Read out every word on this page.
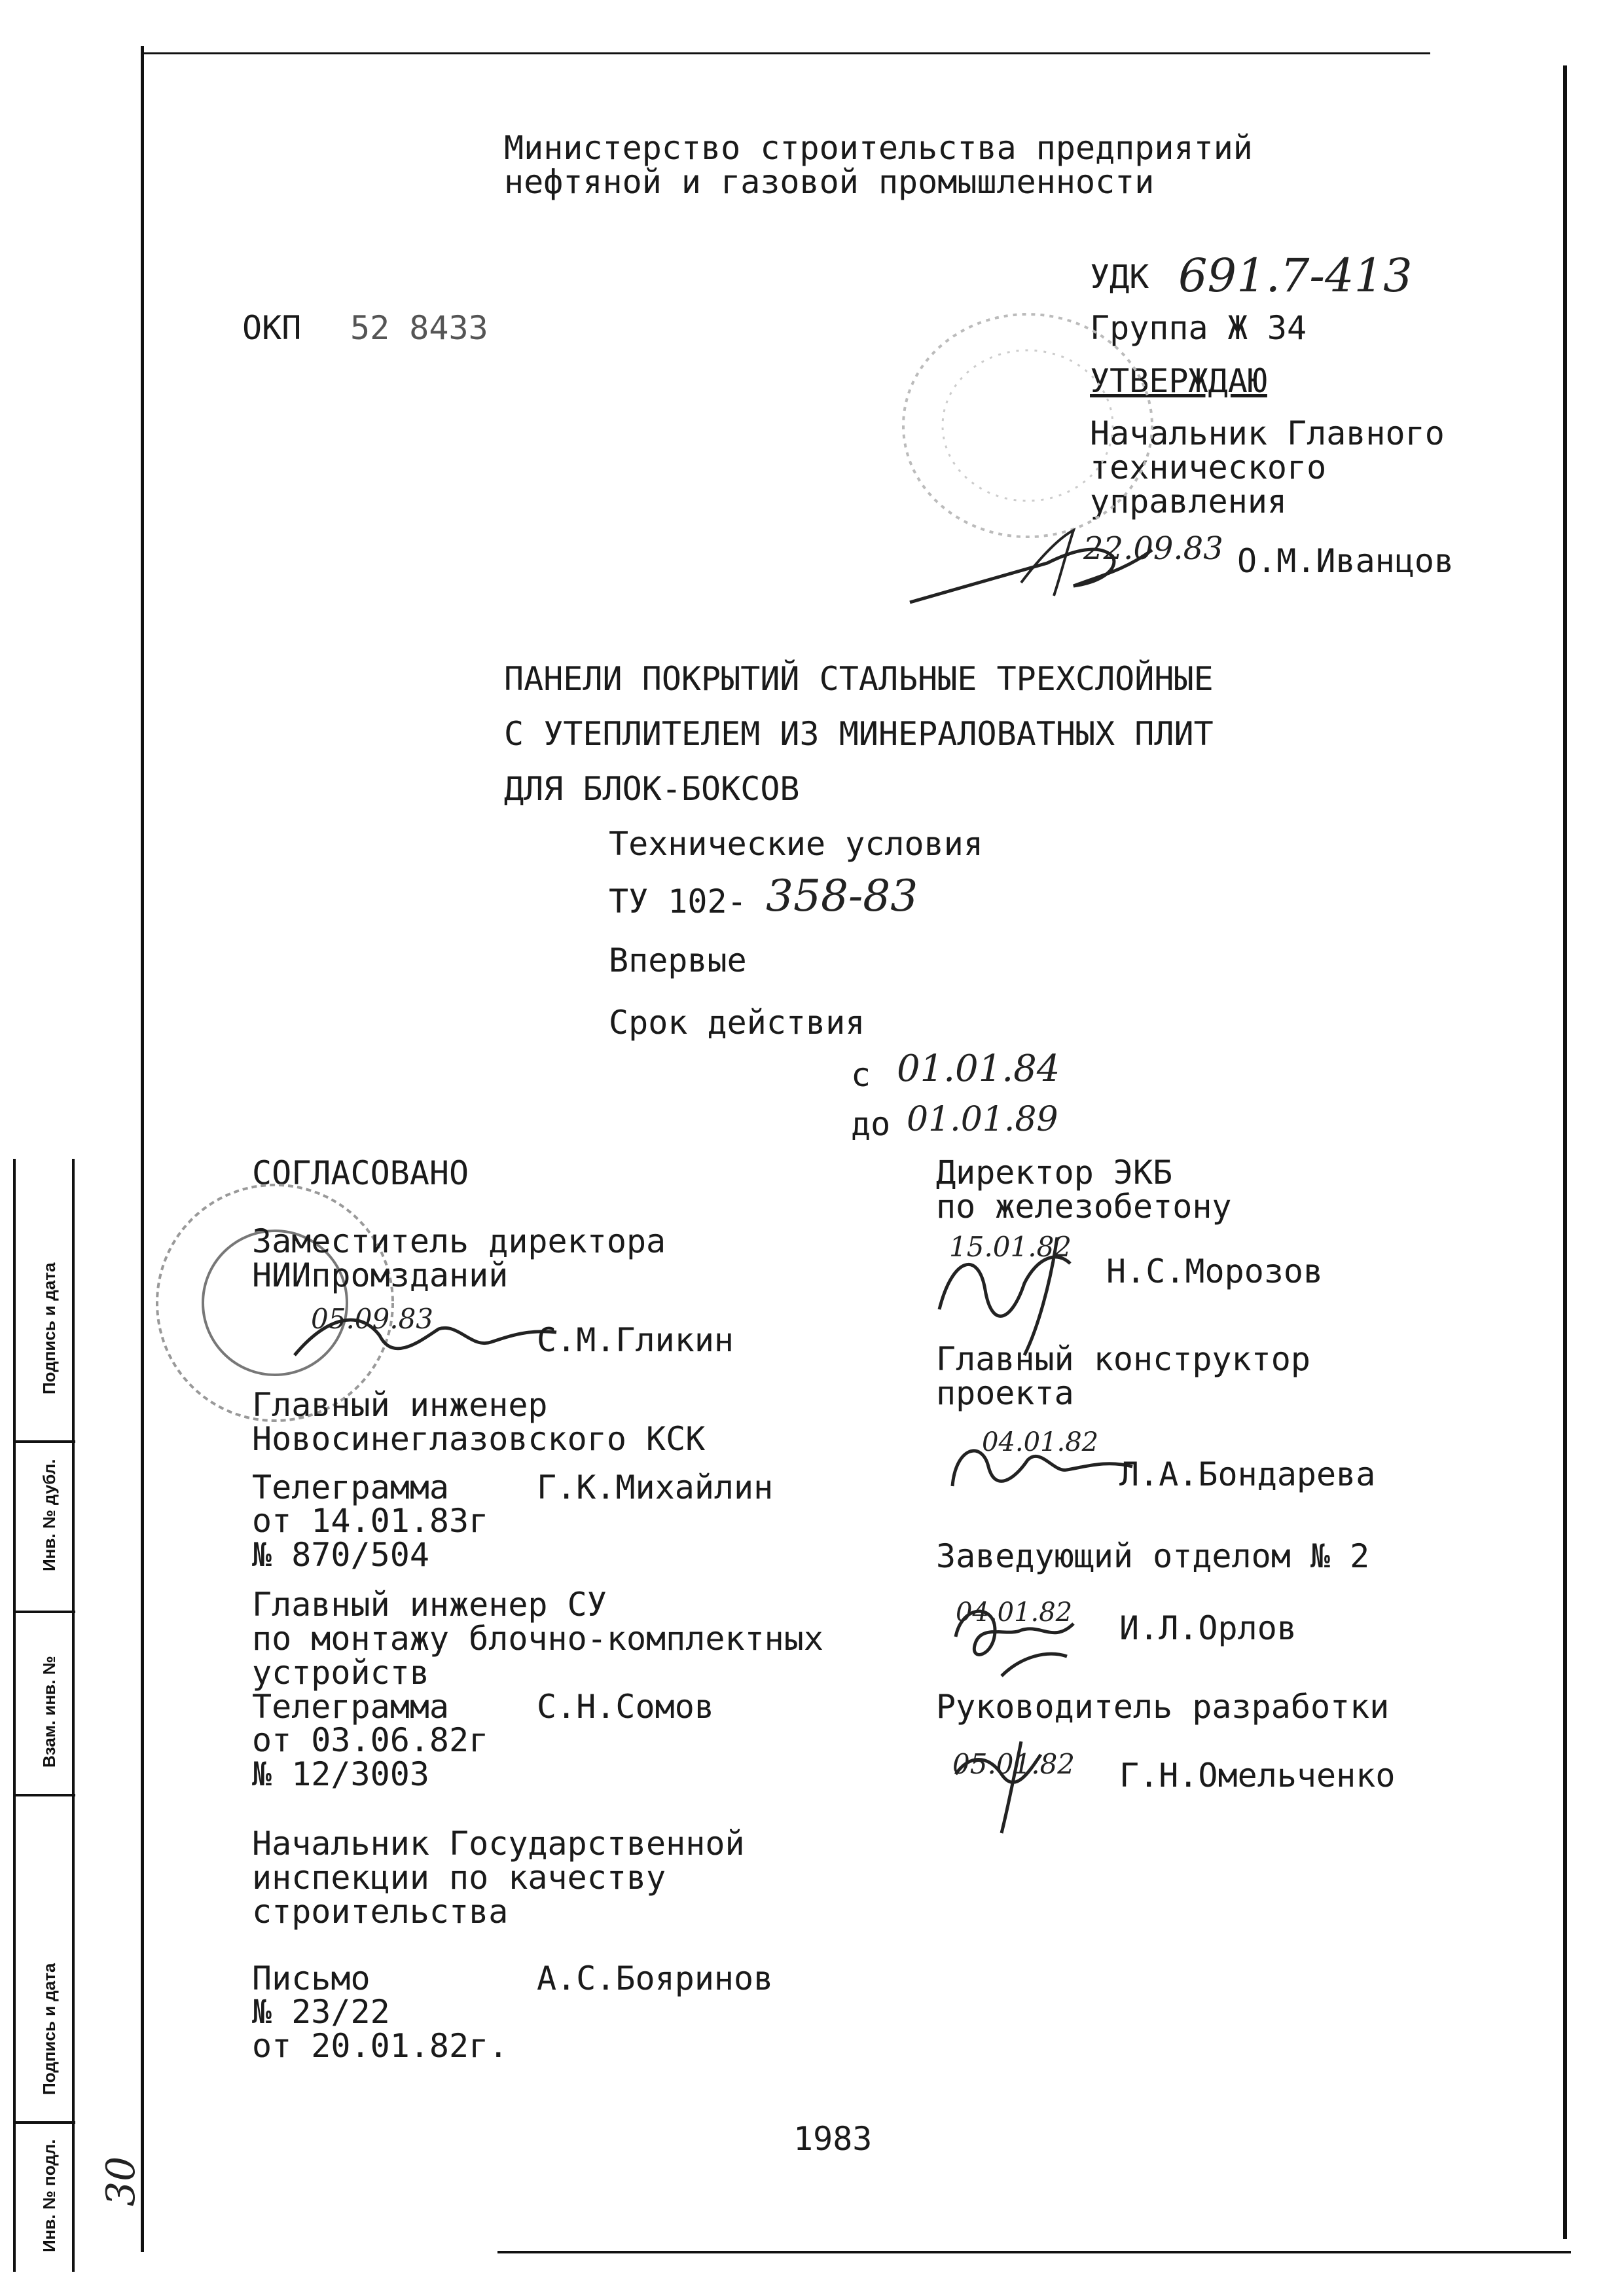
Подпись и дата
Инв. № дубл.
Взам. инв. №
Подпись и дата
Инв. № подл. 30
Министерство строительства предприятий
нефтяной и газовой промышленности
УДК 691.7-413
ОКП 52 8433	Группа Ж 34
УТВЕРЖДАЮ
Начальник Главного
технического
управления
22.09.83 О.М.Иванцов
ПАНЕЛИ ПОКРЫТИЙ СТАЛЬНЫЕ ТРЕХСЛОЙНЫЕ
С УТЕПЛИТЕЛЕМ ИЗ МИНЕРАЛОВАТНЫХ ПЛИТ
ДЛЯ БЛОК-БОКСОВ
Технические условия
ТУ 102- 358-83
Впервые
Срок действия
с 01.01.84
до 01.01.89
СОГЛАСОВАНО
Заместитель директора
НИИпромзданий
05.09.83
С.М.Гликин
Главный инженер
Новосинеглазовского КСК
Телеграмма	Г.К.Михайлин
от 14.01.83г
№ 870/504
Главный инженер СУ
по монтажу блочно-комплектных
устройств
Телеграмма	С.Н.Сомов
от 03.06.82г
№ 12/3003
Начальник Государственной
инспекции по качеству
строительства
Письмо	А.С.Бояринов
№ 23/22
от 20.01.82г.
Директор ЭКБ
по железобетону
15.01.82
Н.С.Морозов
Главный конструктор
проекта
04.01.82
Л.А.Бондарева
Заведующий отделом № 2
04.01.82 И.Л.Орлов
Руководитель разработки
05.01.82 Г.Н.Омельченко
1983
